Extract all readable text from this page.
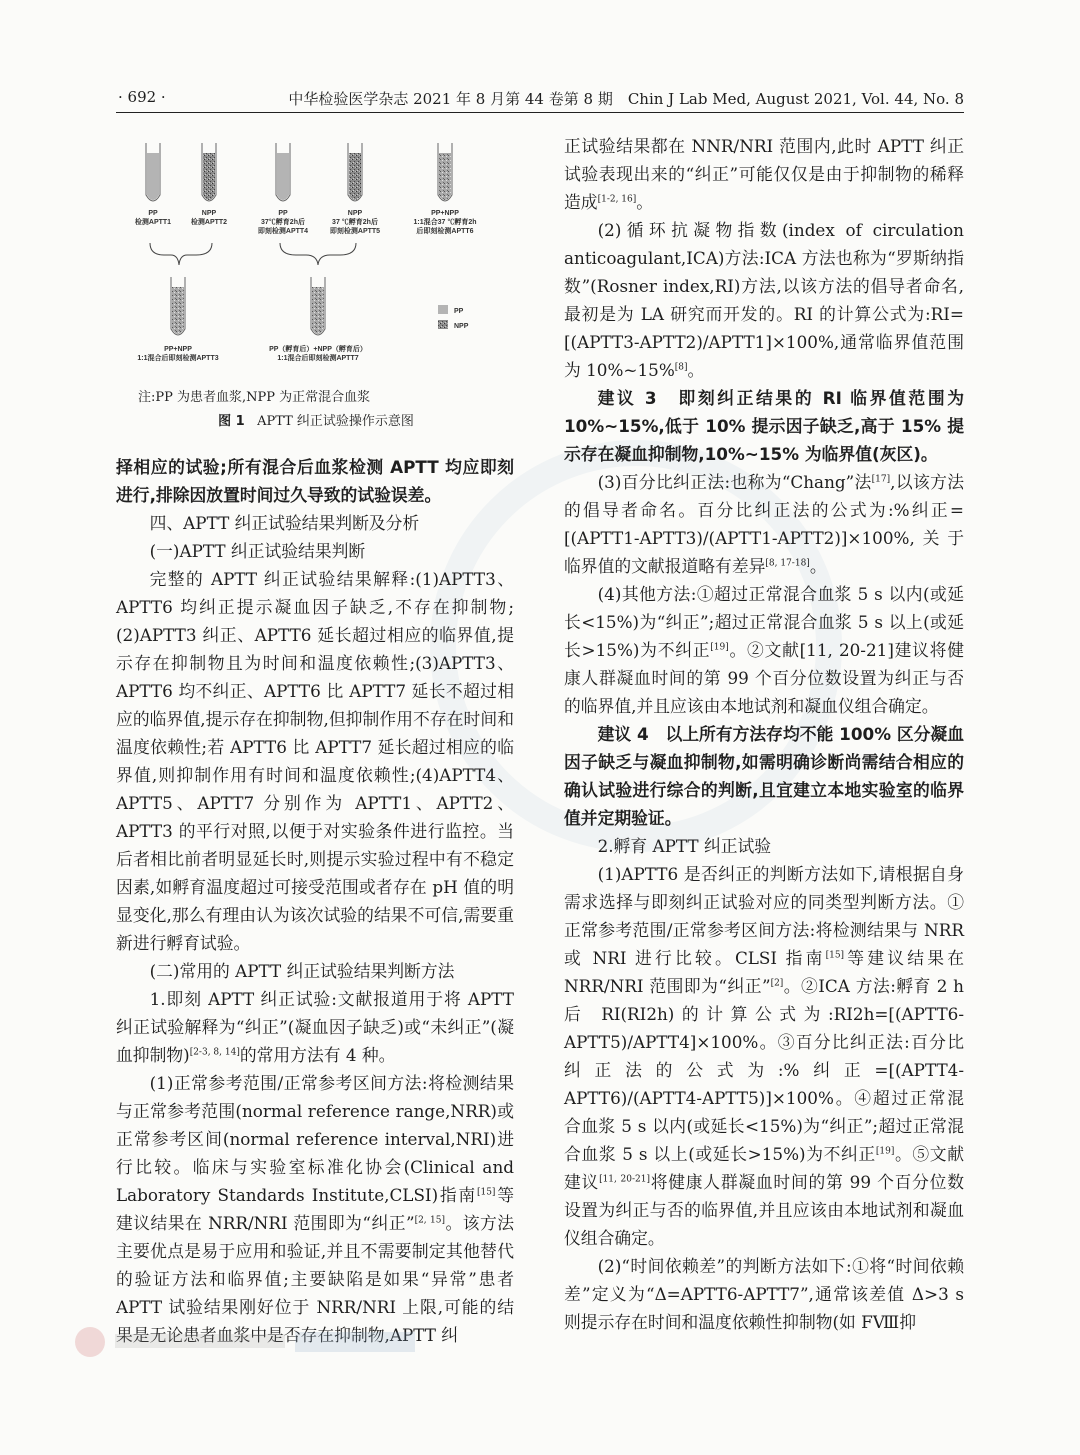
· 692 ·	中华检验医学杂志 2021 年 8 月第 44 卷第 8 期　Chin J Lab Med, August 2021, Vol. 44, No. 8
PP
检测APTT1
NPP
检测APTT2
PP
37℃孵育2h后
即刻检测APTT4
NPP
37 ℃孵育2h后
即刻检测APTT5
PP+NPP
1:1混合37 ℃孵育2h
后即刻检测APTT6
PP+NPP
1:1混合后即刻检测APTT3
PP（孵育后）+NPP（孵育后）
1:1混合后即刻检测APTT7
PP
NPP
注:PP 为患者血浆,NPP 为正常混合血浆
图 1 APTT 纠正试验操作示意图

择相应的试验;所有混合后血浆检测 APTT 均应即刻进行,排除因放置时间过久导致的试验误差。

四、APTT 纠正试验结果判断及分析

(一)APTT 纠正试验结果判断

完整的 APTT 纠正试验结果解释:(1)APTT3、APTT6 均纠正提示凝血因子缺乏,不存在抑制物;(2)APTT3 纠正、APTT6 延长超过相应的临界值,提示存在抑制物且为时间和温度依赖性;(3)APTT3、APTT6 均不纠正、APTT6 比 APTT7 延长不超过相应的临界值,提示存在抑制物,但抑制作用不存在时间和温度依赖性;若 APTT6 比 APTT7 延长超过相应的临界值,则抑制作用有时间和温度依赖性;(4)APTT4、APTT5、APTT7 分别作为 APTT1、APTT2、APTT3 的平行对照,以便于对实验条件进行监控。当后者相比前者明显延长时,则提示实验过程中有不稳定因素,如孵育温度超过可接受范围或者存在 pH 值的明显变化,那么有理由认为该次试验的结果不可信,需要重新进行孵育试验。

(二)常用的 APTT 纠正试验结果判断方法

1.即刻 APTT 纠正试验:文献报道用于将 APTT 纠正试验解释为“纠正”(凝血因子缺乏)或“未纠正”(凝血抑制物)[2-3, 8, 14]的常用方法有 4 种。

(1)正常参考范围/正常参考区间方法:将检测结果与正常参考范围(normal reference range,NRR)或正常参考区间(normal reference interval,NRI)进行比较。临床与实验室标准化协会(Clinical and Laboratory Standards Institute,CLSI)指南[15]等建议结果在 NRR/NRI 范围即为“纠正”[2, 15]。该方法主要优点是易于应用和验证,并且不需要制定其他替代的验证方法和临界值;主要缺陷是如果“异常”患者 APTT 试验结果刚好位于 NRR/NRI 上限,可能的结果是无论患者血浆中是否存在抑制物,APTT 纠

正试验结果都在 NNR/NRI 范围内,此时 APTT 纠正试验表现出来的“纠正”可能仅仅是由于抑制物的稀释造成[1-2, 16]。

(2)循环抗凝物指数(index of circulation anticoagulant,ICA)方法:ICA 方法也称为“罗斯纳指数”(Rosner index,RI)方法,以该方法的倡导者命名,最初是为 LA 研究而开发的。RI 的计算公式为:RI=[(APTT3-APTT2)/APTT1]×100%,通常临界值范围为 10%~15%[8]。

建议 3　即刻纠正结果的 RI 临界值范围为 10%~15%,低于 10% 提示因子缺乏,高于 15% 提示存在凝血抑制物,10%~15% 为临界值(灰区)。

(3)百分比纠正法:也称为“Chang”法[17],以该方法的倡导者命名。百分比纠正法的公式为:%纠正=[(APTT1-APTT3)/(APTT1-APTT2)]×100%,关于临界值的文献报道略有差异[8, 17-18]。

(4)其他方法:①超过正常混合血浆 5 s 以内(或延长<15%)为“纠正”;超过正常混合血浆 5 s 以上(或延长>15%)为不纠正[19]。②文献[11, 20-21]建议将健康人群凝血时间的第 99 个百分位数设置为纠正与否的临界值,并且应该由本地试剂和凝血仪组合确定。

建议 4　以上所有方法存均不能 100% 区分凝血因子缺乏与凝血抑制物,如需明确诊断尚需结合相应的确认试验进行综合的判断,且宜建立本地实验室的临界值并定期验证。

2.孵育 APTT 纠正试验

(1)APTT6 是否纠正的判断方法如下,请根据自身需求选择与即刻纠正试验对应的同类型判断方法。①正常参考范围/正常参考区间方法:将检测结果与 NRR 或 NRI 进行比较。CLSI 指南[15]等建议结果在 NRR/NRI 范围即为“纠正”[2]。②ICA 方法:孵育 2 h 后 RI(RI2h)的计算公式为:RI2h=[(APTT6-APTT5)/APTT4]×100%。③百分比纠正法:百分比纠正法的公式为:%纠正=[(APTT4-APTT6)/(APTT4-APTT5)]×100%。④超过正常混合血浆 5 s 以内(或延长<15%)为“纠正”;超过正常混合血浆 5 s 以上(或延长>15%)为不纠正[19]。⑤文献建议[11, 20-21]将健康人群凝血时间的第 99 个百分位数设置为纠正与否的临界值,并且应该由本地试剂和凝血仪组合确定。

(2)“时间依赖差”的判断方法如下:①将“时间依赖差”定义为“Δ=APTT6-APTT7”,通常该差值 Δ>3 s 则提示存在时间和温度依赖性抑制物(如 FⅧ抑
